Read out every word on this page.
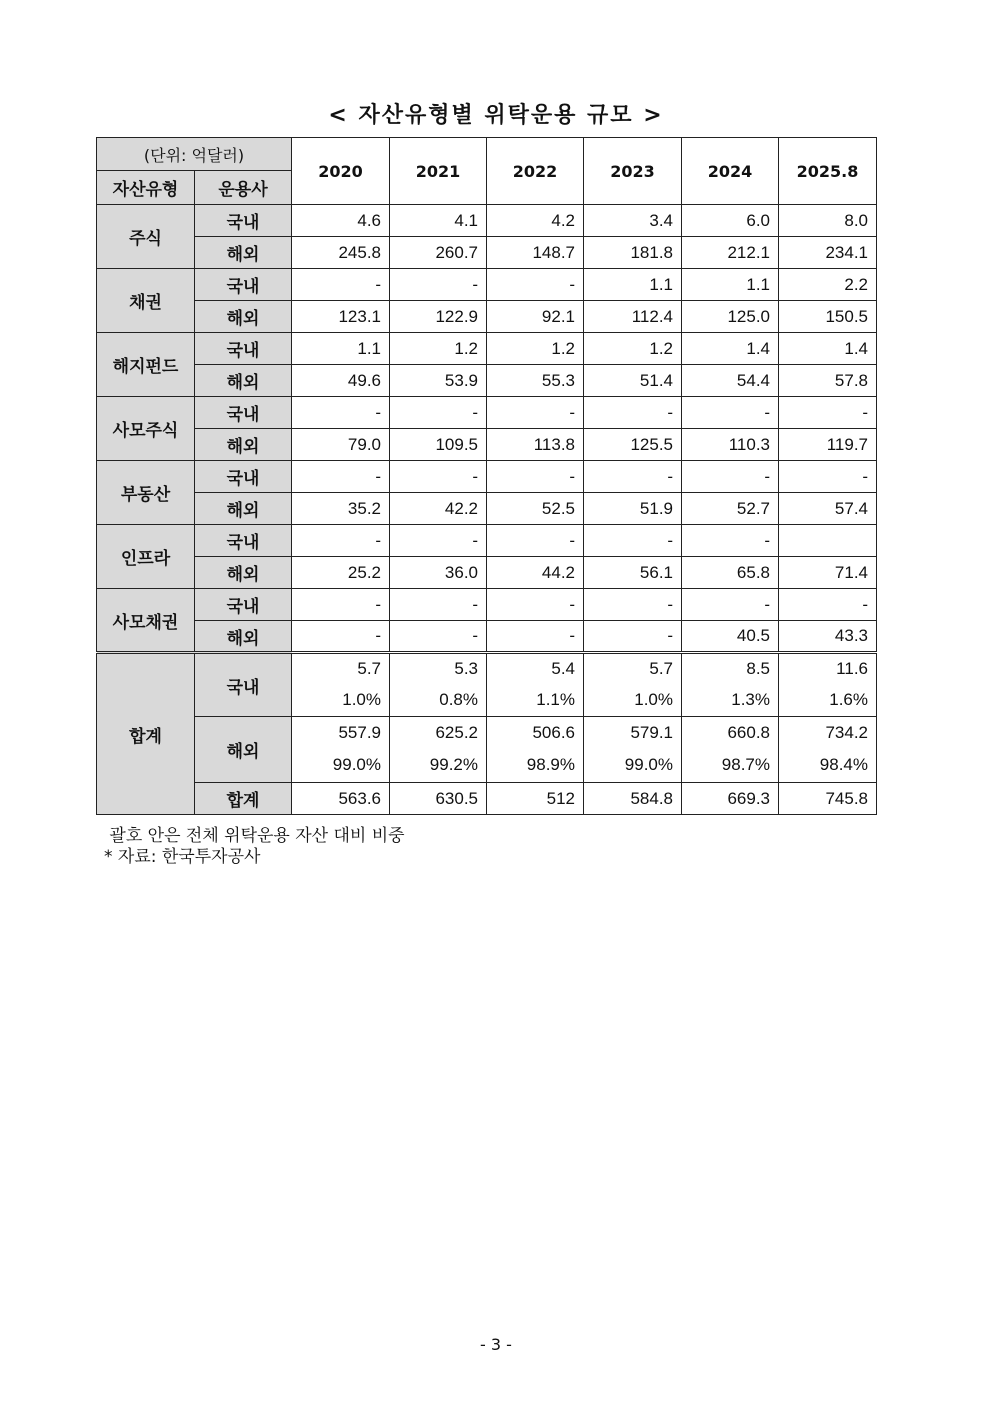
< 자산유형별 위탁운용 규모 >
(단위: 억달러)		2020	2021	2022	2023	2024	2025.8
자산유형	운용사						
주식	국내	4.6	4.1	4.2	3.4	6.0	8.0
	해외	245.8	260.7	148.7	181.8	212.1	234.1
채권	국내	-	-	-	1.1	1.1	2.2
	해외	123.1	122.9	92.1	112.4	125.0	150.5
해지펀드	국내	1.1	1.2	1.2	1.2	1.4	1.4
	해외	49.6	53.9	55.3	51.4	54.4	57.8
사모주식	국내	-	-	-	-	-	-
	해외	79.0	109.5	113.8	125.5	110.3	119.7
부동산	국내	-	-	-	-	-	-
	해외	35.2	42.2	52.5	51.9	52.7	57.4
인프라	국내	-	-	-	-	-	
	해외	25.2	36.0	44.2	56.1	65.8	71.4
사모채권	국내	-	-	-	-	-	-
	해외	-	-	-	-	40.5	43.3
합계	국내	5.7	5.3	5.4	5.7	8.5	11.6
		1.0%	0.8%	1.1%	1.0%	1.3%	1.6%
	해외	557.9	625.2	506.6	579.1	660.8	734.2
		99.0%	99.2%	98.9%	99.0%	98.7%	98.4%
	합계	563.6	630.5	512	584.8	669.3	745.8
괄호 안은 전체 위탁운용 자산 대비 비중
* 자료: 한국투자공사
- 3 -
